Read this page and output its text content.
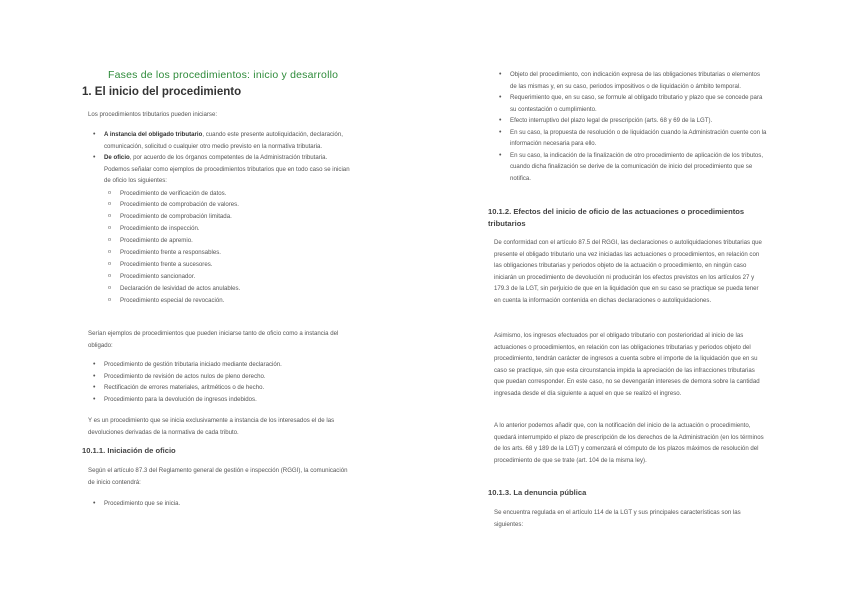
Fases de los procedimientos: inicio y desarrollo
1. El inicio del procedimiento

Los procedimientos tributarios pueden iniciarse:

• A instancia del obligado tributario, cuando este presente autoliquidación, declaración, comunicación, solicitud o cualquier otro medio previsto en la normativa tributaria.
• De oficio, por acuerdo de los órganos competentes de la Administración tributaria. Podemos señalar como ejemplos de procedimientos tributarios que en todo caso se inician de oficio los siguientes:
o Procedimiento de verificación de datos.
o Procedimiento de comprobación de valores.
o Procedimiento de comprobación limitada.
o Procedimiento de inspección.
o Procedimiento de apremio.
o Procedimiento frente a responsables.
o Procedimiento frente a sucesores.
o Procedimiento sancionador.
o Declaración de lesividad de actos anulables.
o Procedimiento especial de revocación.

Serían ejemplos de procedimientos que pueden iniciarse tanto de oficio como a instancia del obligado:

• Procedimiento de gestión tributaria iniciado mediante declaración.
• Procedimiento de revisión de actos nulos de pleno derecho.
• Rectificación de errores materiales, aritméticos o de hecho.
• Procedimiento para la devolución de ingresos indebidos.

Y es un procedimiento que se inicia exclusivamente a instancia de los interesados el de las devoluciones derivadas de la normativa de cada tributo.

10.1.1. Iniciación de oficio

Según el artículo 87.3 del Reglamento general de gestión e inspección (RGGI), la comunicación de inicio contendrá:

• Procedimiento que se inicia.
• Objeto del procedimiento, con indicación expresa de las obligaciones tributarias o elementos de las mismas y, en su caso, periodos impositivos o de liquidación o ámbito temporal.
• Requerimiento que, en su caso, se formule al obligado tributario y plazo que se concede para su contestación o cumplimiento.
• Efecto interruptivo del plazo legal de prescripción (arts. 68 y 69 de la LGT).
• En su caso, la propuesta de resolución o de liquidación cuando la Administración cuente con la información necesaria para ello.
• En su caso, la indicación de la finalización de otro procedimiento de aplicación de los tributos, cuando dicha finalización se derive de la comunicación de inicio del procedimiento que se notifica.
10.1.2. Efectos del inicio de oficio de las actuaciones o procedimientos tributarios

De conformidad con el artículo 87.5 del RGGI, las declaraciones o autoliquidaciones tributarias que presente el obligado tributario una vez iniciadas las actuaciones o procedimientos, en relación con las obligaciones tributarias y periodos objeto de la actuación o procedimiento, en ningún caso iniciarán un procedimiento de devolución ni producirán los efectos previstos en los artículos 27 y 179.3 de la LGT, sin perjuicio de que en la liquidación que en su caso se practique se pueda tener en cuenta la información contenida en dichas declaraciones o autoliquidaciones.

Asimismo, los ingresos efectuados por el obligado tributario con posterioridad al inicio de las actuaciones o procedimientos, en relación con las obligaciones tributarias y periodos objeto del procedimiento, tendrán carácter de ingresos a cuenta sobre el importe de la liquidación que en su caso se practique, sin que esta circunstancia impida la apreciación de las infracciones tributarias que puedan corresponder. En este caso, no se devengarán intereses de demora sobre la cantidad ingresada desde el día siguiente a aquel en que se realizó el ingreso.

A lo anterior podemos añadir que, con la notificación del inicio de la actuación o procedimiento, quedará interrumpido el plazo de prescripción de los derechos de la Administración (en los términos de los arts. 68 y 189 de la LGT) y comenzará el cómputo de los plazos máximos de resolución del procedimiento de que se trate (art. 104 de la misma ley).

10.1.3. La denuncia pública

Se encuentra regulada en el artículo 114 de la LGT y sus principales características son las siguientes:
